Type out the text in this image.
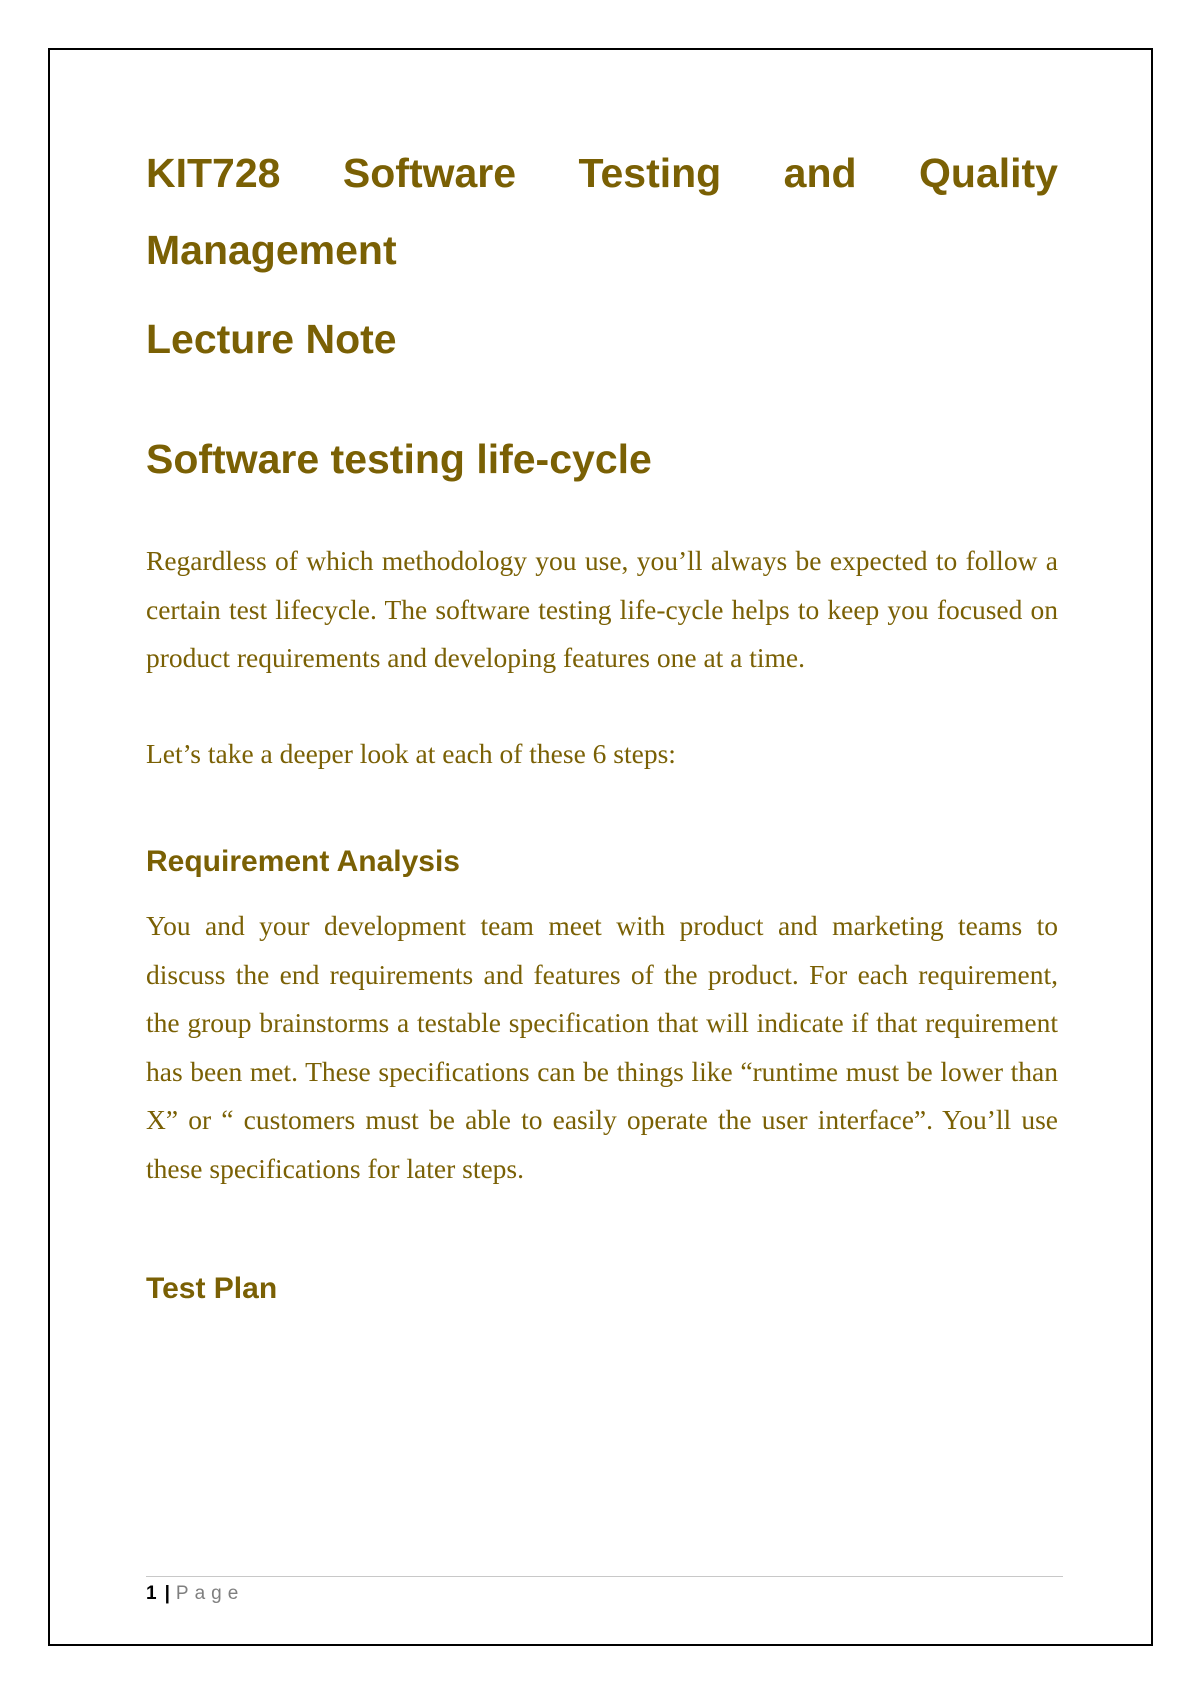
KIT728 Software Testing and Quality Management
Lecture Note
Software testing life-cycle

Regardless of which methodology you use, you’ll always be expected to follow a certain test lifecycle. The software testing life-cycle helps to keep you focused on product requirements and developing features one at a time.

Let’s take a deeper look at each of these 6 steps:

Requirement Analysis

You and your development team meet with product and marketing teams to discuss the end requirements and features of the product. For each requirement, the group brainstorms a testable specification that will indicate if that requirement has been met. These specifications can be things like “runtime must be lower than X” or “ customers must be able to easily operate the user interface”. You’ll use these specifications for later steps.

Test Plan
1 | Page
